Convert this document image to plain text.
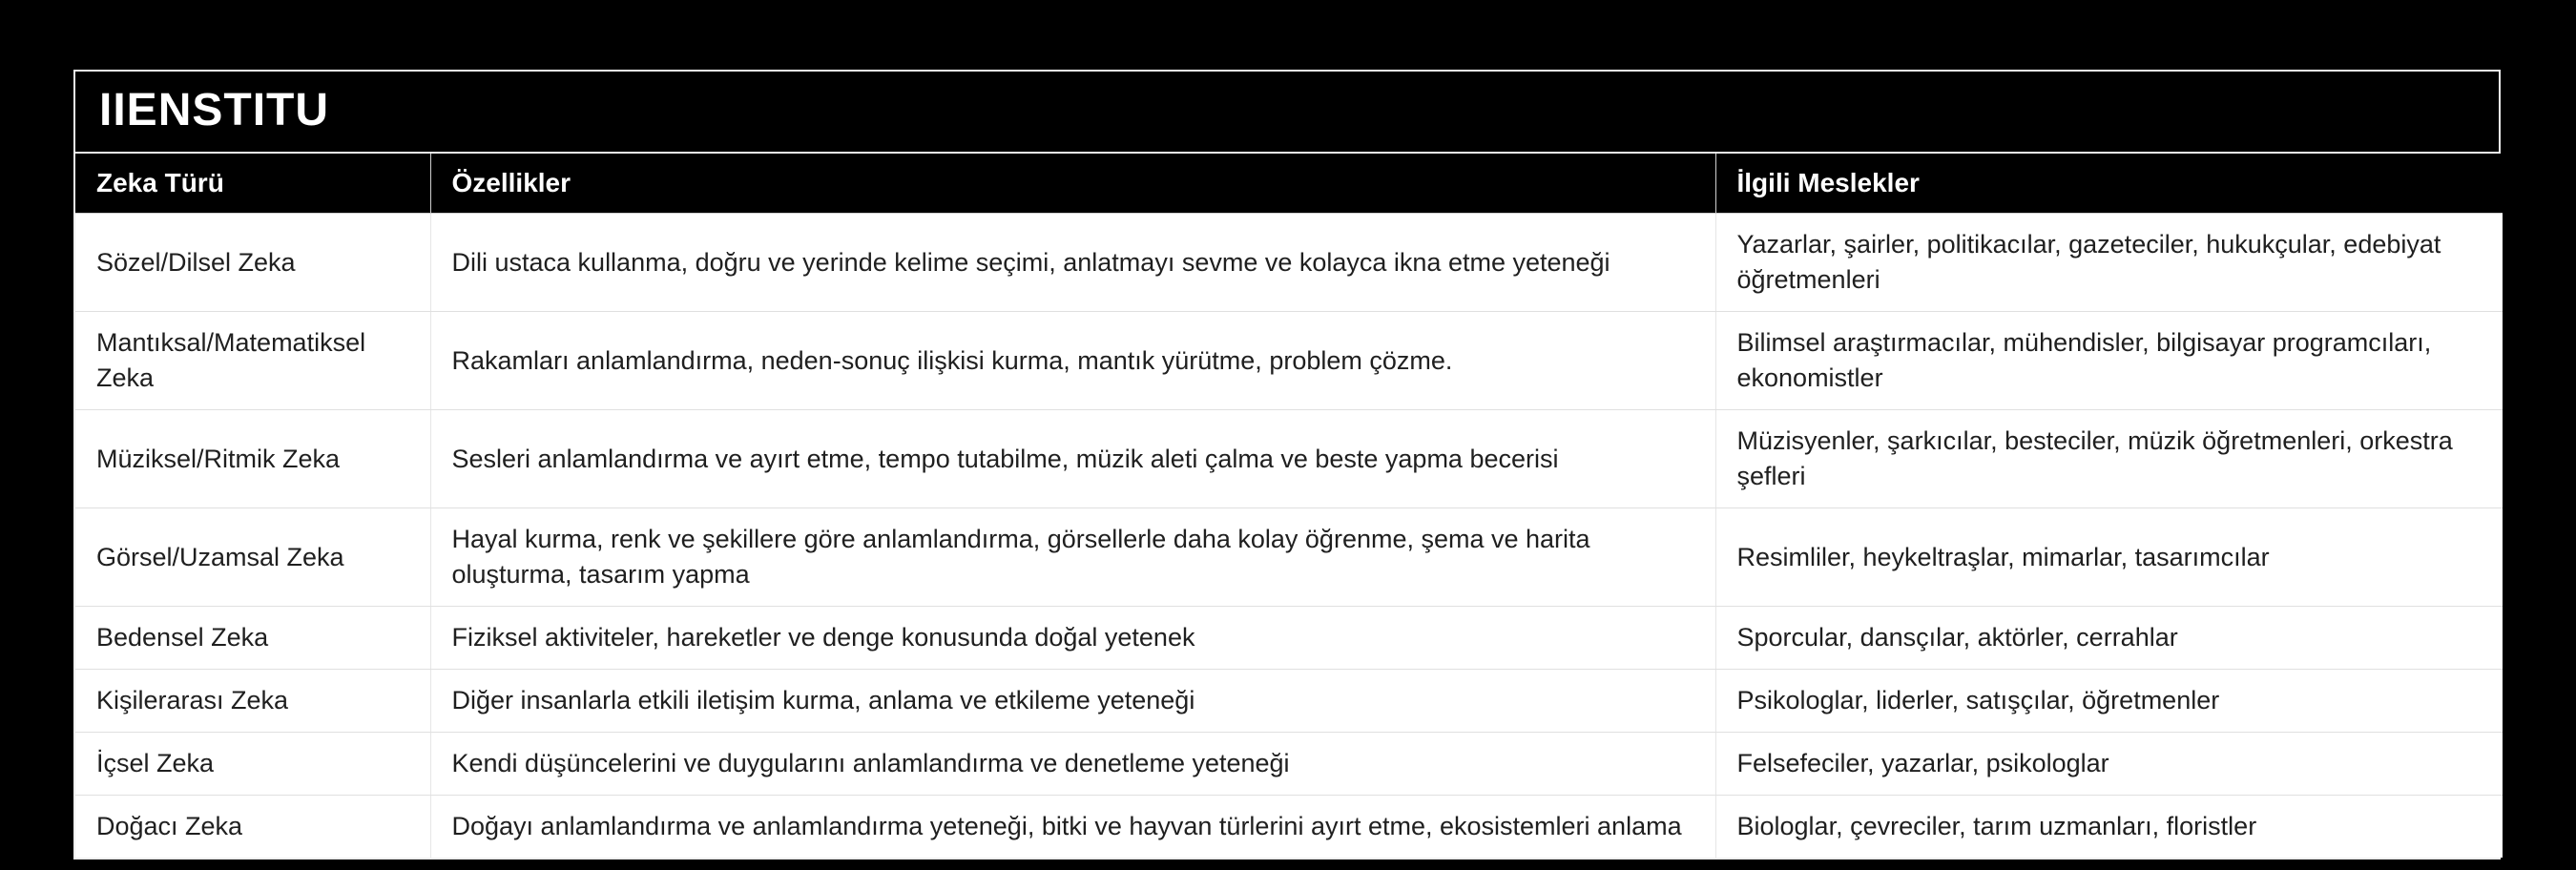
IIENSTITU
Zeka Türü	Özellikler	İlgili Meslekler
Sözel/Dilsel Zeka	Dili ustaca kullanma, doğru ve yerinde kelime seçimi, anlatmayı sevme ve kolayca ikna etme yeteneği	Yazarlar, şairler, politikacılar, gazeteciler, hukukçular, edebiyat öğretmenleri
Mantıksal/Matematiksel Zeka	Rakamları anlamlandırma, neden-sonuç ilişkisi kurma, mantık yürütme, problem çözme.	Bilimsel araştırmacılar, mühendisler, bilgisayar programcıları, ekonomistler
Müziksel/Ritmik Zeka	Sesleri anlamlandırma ve ayırt etme, tempo tutabilme, müzik aleti çalma ve beste yapma becerisi	Müzisyenler, şarkıcılar, besteciler, müzik öğretmenleri, orkestra şefleri
Görsel/Uzamsal Zeka	Hayal kurma, renk ve şekillere göre anlamlandırma, görsellerle daha kolay öğrenme, şema ve harita oluşturma, tasarım yapma	Resimliler, heykeltraşlar, mimarlar, tasarımcılar
Bedensel Zeka	Fiziksel aktiviteler, hareketler ve denge konusunda doğal yetenek	Sporcular, dansçılar, aktörler, cerrahlar
Kişilerarası Zeka	Diğer insanlarla etkili iletişim kurma, anlama ve etkileme yeteneği	Psikologlar, liderler, satışçılar, öğretmenler
İçsel Zeka	Kendi düşüncelerini ve duygularını anlamlandırma ve denetleme yeteneği	Felsefeciler, yazarlar, psikologlar
Doğacı Zeka	Doğayı anlamlandırma ve anlamlandırma yeteneği, bitki ve hayvan türlerini ayırt etme, ekosistemleri anlama	Biologlar, çevreciler, tarım uzmanları, floristler
